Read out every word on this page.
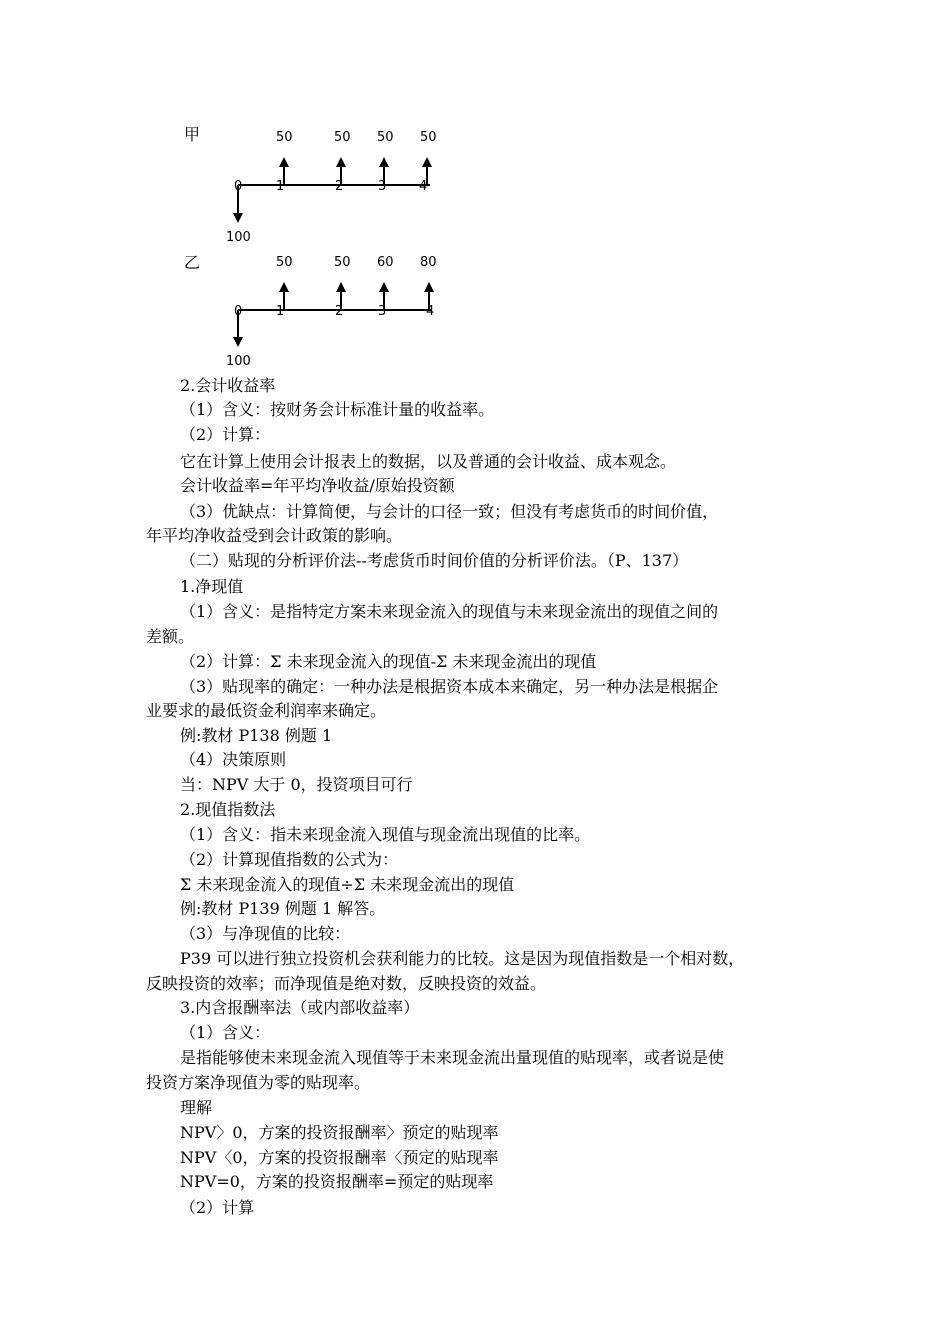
甲
100
0	1	2	3	4
50	50 50 50
乙
100
0	1	2	3	4
50	50 60 80
2.会计收益率
（1）含义：按财务会计标准计量的收益率。
（2）计算：
它在计算上使用会计报表上的数据，以及普通的会计收益、成本观念。
会计收益率=年平均净收益/原始投资额
（3）优缺点：计算简便，与会计的口径一致；但没有考虑货币的时间价值，
年平均净收益受到会计政策的影响。
（二）贴现的分析评价法--考虑货币时间价值的分析评价法。（P、137）
1.净现值
（1）含义：是指特定方案未来现金流入的现值与未来现金流出的现值之间的
差额。
（2）计算：Σ 未来现金流入的现值-Σ 未来现金流出的现值
（3）贴现率的确定：一种办法是根据资本成本来确定，另一种办法是根据企
业要求的最低资金利润率来确定。
例:教材 P138 例题 1
（4）决策原则
当：NPV 大于 0，投资项目可行
2.现值指数法
（1）含义：指未来现金流入现值与现金流出现值的比率。
（2）计算现值指数的公式为：
Σ 未来现金流入的现值÷Σ 未来现金流出的现值
例:教材 P139 例题 1 解答。
（3）与净现值的比较：
P39 可以进行独立投资机会获利能力的比较。这是因为现值指数是一个相对数，
反映投资的效率；而净现值是绝对数，反映投资的效益。
3.内含报酬率法（或内部收益率）
（1）含义：
是指能够使未来现金流入现值等于未来现金流出量现值的贴现率，或者说是使
投资方案净现值为零的贴现率。
理解
NPV〉0，方案的投资报酬率〉预定的贴现率
NPV〈0，方案的投资报酬率〈预定的贴现率
NPV=0，方案的投资报酬率=预定的贴现率
（2）计算
